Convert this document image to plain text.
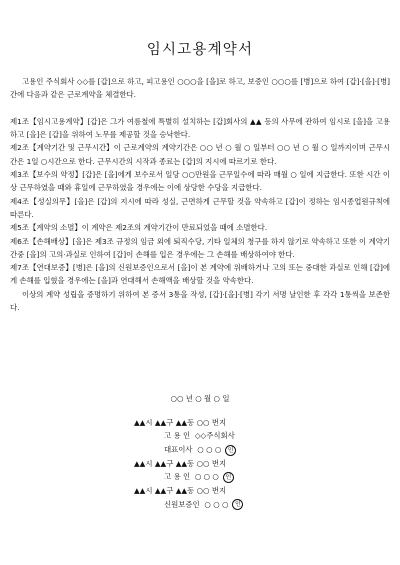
임시고용계약서

고용인 주식회사 ◇◇를 [갑]으로 하고, 피고용인 ○○○을 [을]로 하고, 보증인 ○○○를 [병]으로 하여 [갑]·[을]·[병]간에 다음과 같은 근로계약을 체결한다.

제1조【임시고용계약】[갑]은 그가 여름철에 특별히 설치하는 [갑]회사의 ▲▲ 등의 사무에 관하여 임시로 [을]을 고용하고 [을]은 [갑]을 위하여 노무를 제공할 것을 승낙한다.

제2조【계약기간 및 근무시간】이 근로계약의 계약기간은 ○○ 년 ○ 월 ○ 일부터 ○○ 년 ○ 월 ○ 일까지이며 근무시간은 1일 ○시간으로 한다. 근무시간의 시작과 종료는 [갑]의 지시에 따르기로 한다.

제3조【보수의 약정】[갑]은 [을]에게 보수로서 일당 ○○만원을 근무일수에 따라 매월 ○ 일에 지급한다. 또한 시간 이상 근무하였을 때와 휴일에 근무하였을 경우에는 이에 상당한 수당을 지급한다.

제4조【성실의무】[을]은 [갑]의 지시에 따라 성실, 근면하게 근무할 것을 약속하고 [갑]이 정하는 임시종업원규칙에 따른다.

제5조【계약의 소멸】이 계약은 제2조의 계약기간이 만료되었을 때에 소멸한다.

제6조【손해배상】[을]은 제3조 규정의 임금 외에 퇴직수당, 기타 일체의 청구를 하지 않기로 약속하고 또한 이 계약기간중 [을]의 고의·과실로 인하여 [갑]이 손해를 입은 경우에는 그 손해를 배상하여야 한다.

제7조【연대보증】[병]은 [을]의 신원보증인으로서 [을]이 본 계약에 위배하거나 고의 또는 중대한 과실로 인해 [갑]에게 손해를 입혔을 경우에는 [을]과 연대해서 손해액을 배상할 것을 약속한다.

이상의 계약 성립을 증명하기 위하여 본 증서 3통을 작성, [갑]·[을]·[병] 각기 서명 날인한 후 각각 1통씩을 보존한다.

○○ 년 ○ 월 ○ 일
▲▲시 ▲▲구 ▲▲동 ○○ 번지
고 용 인 ◇◇주식회사
대표이사 ○ ○ ○ 인
▲▲시 ▲▲구 ▲▲동 ○○ 번지
고 용 인 ○ ○ ○ 인
▲▲시 ▲▲구 ▲▲동 ○○ 번지
신원보증인 ○ ○ ○ 인
